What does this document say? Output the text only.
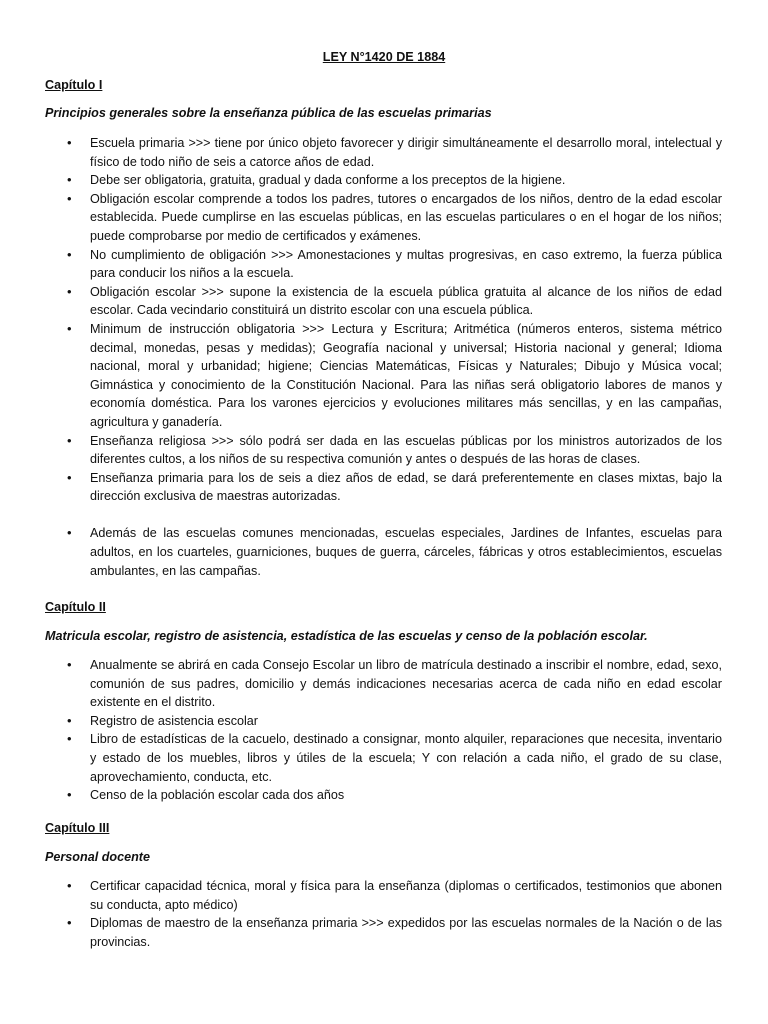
LEY N°1420 DE 1884
Capítulo I
Principios generales sobre la enseñanza pública de las escuelas primarias
• Escuela primaria >>> tiene por único objeto favorecer y dirigir simultáneamente el desarrollo moral, intelectual y físico de todo niño de seis a catorce años de edad.
• Debe ser obligatoria, gratuita, gradual y dada conforme a los preceptos de la higiene.
• Obligación escolar comprende a todos los padres, tutores o encargados de los niños, dentro de la edad escolar establecida. Puede cumplirse en las escuelas públicas, en las escuelas particulares o en el hogar de los niños; puede comprobarse por medio de certificados y exámenes.
• No cumplimiento de obligación >>> Amonestaciones y multas progresivas, en caso extremo, la fuerza pública para conducir los niños a la escuela.
• Obligación escolar >>> supone la existencia de la escuela pública gratuita al alcance de los niños de edad escolar. Cada vecindario constituirá un distrito escolar con una escuela pública.
• Minimum de instrucción obligatoria >>> Lectura y Escritura; Aritmética (números enteros, sistema métrico decimal, monedas, pesas y medidas); Geografía nacional y universal; Historia nacional y general; Idioma nacional, moral y urbanidad; higiene; Ciencias Matemáticas, Físicas y Naturales; Dibujo y Música vocal; Gimnástica y conocimiento de la Constitución Nacional. Para las niñas será obligatorio labores de manos y economía doméstica. Para los varones ejercicios y evoluciones militares más sencillas, y en las campañas, agricultura y ganadería.
• Enseñanza religiosa >>> sólo podrá ser dada en las escuelas públicas por los ministros autorizados de los diferentes cultos, a los niños de su respectiva comunión y antes o después de las horas de clases.
• Enseñanza primaria para los de seis a diez años de edad, se dará preferentemente en clases mixtas, bajo la dirección exclusiva de maestras autorizadas.
• Además de las escuelas comunes mencionadas, escuelas especiales, Jardines de Infantes, escuelas para adultos, en los cuarteles, guarniciones, buques de guerra, cárceles, fábricas y otros establecimientos, escuelas ambulantes, en las campañas.
Capítulo II
Matricula escolar, registro de asistencia, estadística de las escuelas y censo de la población escolar.
• Anualmente se abrirá en cada Consejo Escolar un libro de matrícula destinado a inscribir el nombre, edad, sexo, comunión de sus padres, domicilio y demás indicaciones necesarias acerca de cada niño en edad escolar existente en el distrito.
• Registro de asistencia escolar
• Libro de estadísticas de la cacuelo, destinado a consignar, monto alquiler, reparaciones que necesita, inventario y estado de los muebles, libros y útiles de la escuela; Y con relación a cada niño, el grado de su clase, aprovechamiento, conducta, etc.
• Censo de la población escolar cada dos años
Capítulo III
Personal docente
• Certificar capacidad técnica, moral y física para la enseñanza (diplomas o certificados, testimonios que abonen su conducta, apto médico)
• Diplomas de maestro de la enseñanza primaria >>> expedidos por las escuelas normales de la Nación o de las provincias.
